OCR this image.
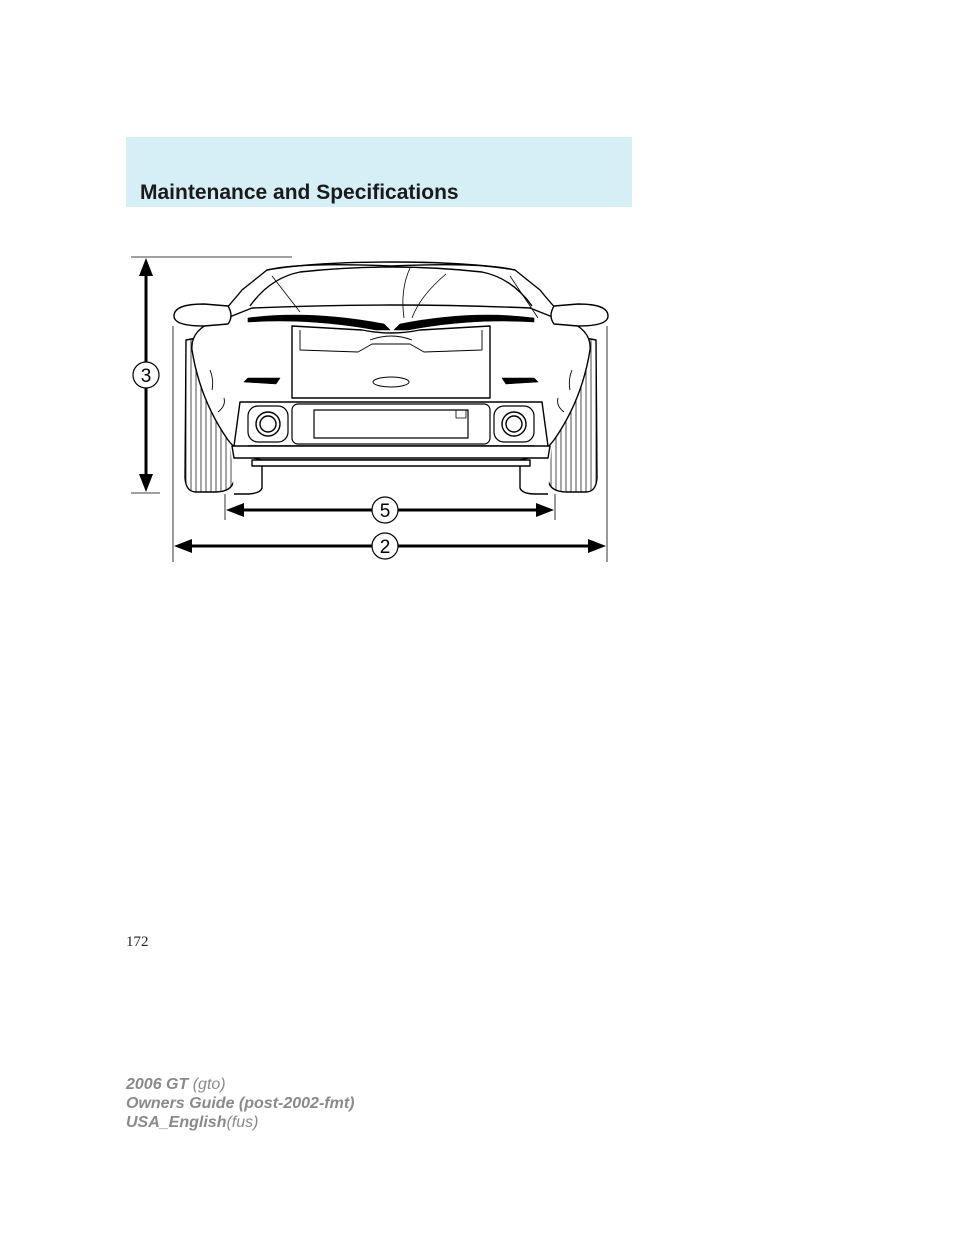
Maintenance and Specifications
3
5
2
172
2006 GT (gto)
Owners Guide (post-2002-fmt)
USA_English(fus)
